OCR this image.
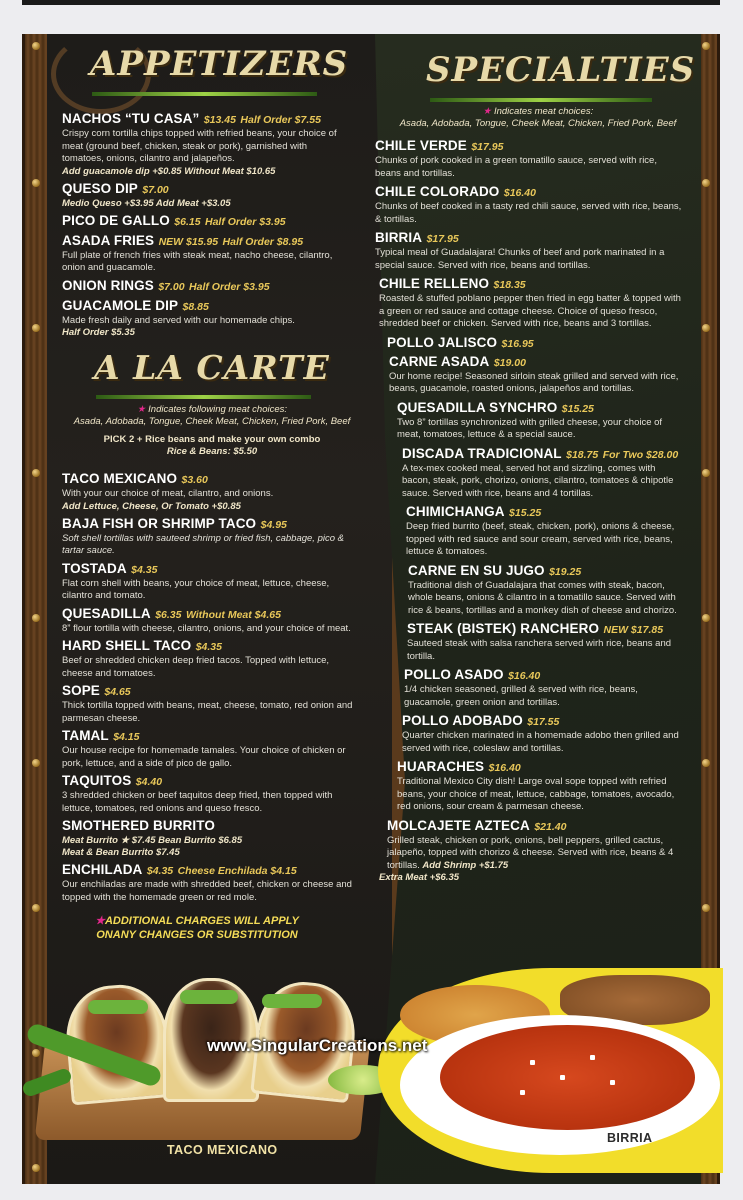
APPETIZERS SPECIALTIES
A LA CARTE
NACHOS “TU CASA” $13.45 Half Order $7.55
Crispy corn tortilla chips topped with refried beans, your choice of meat (ground beef, chicken, steak or pork), garnished with tomatoes, onions, cilantro and jalapeños.
Add guacamole dip +$0.85 Without Meat $10.65
QUESO DIP $7.00
Medio Queso +$3.95 Add Meat +$3.05
PICO DE GALLO $6.15 Half Order $3.95
ASADA FRIES NEW $15.95 Half Order $8.95
Full plate of french fries with steak meat, nacho cheese, cilantro, onion and guacamole.
ONION RINGS $7.00 Half Order $3.95
GUACAMOLE DIP $8.85
Made fresh daily and served with our homemade chips.
Half Order $5.35
★ Indicates following meat choices:
Asada, Adobada, Tongue, Cheek Meat, Chicken, Fried Pork, Beef
PICK 2 + Rice beans and make your own combo
Rice & Beans: $5.50
TACO MEXICANO $3.60
With your our choice of meat, cilantro, and onions.
Add Lettuce, Cheese, Or Tomato +$0.85
BAJA FISH OR SHRIMP TACO $4.95
Soft shell tortillas with sauteed shrimp or fried fish, cabbage, pico & tartar sauce.
TOSTADA $4.35
Flat corn shell with beans, your choice of meat, lettuce, cheese, cilantro and tomato.
QUESADILLA $6.35 Without Meat $4.65
8” flour tortilla with cheese, cilantro, onions, and your choice of meat.
HARD SHELL TACO $4.35
Beef or shredded chicken deep fried tacos. Topped with lettuce, cheese and tomatoes.
SOPE $4.65
Thick tortilla topped with beans, meat, cheese, tomato, red onion and parmesan cheese.
TAMAL $4.15
Our house recipe for homemade tamales. Your choice of chicken or pork, lettuce, and a side of pico de gallo.
TAQUITOS $4.40
3 shredded chicken or beef taquitos deep fried, then topped with lettuce, tomatoes, red onions and queso fresco.
SMOTHERED BURRITO
Meat Burrito ★ $7.45 Bean Burrito $6.85
Meat & Bean Burrito $7.45
ENCHILADA $4.35 Cheese Enchilada $4.15
Our enchiladas are made with shredded beef, chicken or cheese and topped with the homemade green or red mole.
★ADDITIONAL CHARGES WILL APPLY
ONANY CHANGES OR SUBSTITUTION
★ Indicates meat choices:
Asada, Adobada, Tongue, Cheek Meat, Chicken, Fried Pork, Beef
CHILE VERDE $17.95
Chunks of pork cooked in a green tomatillo sauce, served with rice, beans and tortillas.
CHILE COLORADO $16.40
Chunks of beef cooked in a tasty red chili sauce, served with rice, beans, & tortillas.
BIRRIA $17.95
Typical meal of Guadalajara! Chunks of beef and pork marinated in a special sauce. Served with rice, beans and tortillas.
CHILE RELLENO $18.35
Roasted & stuffed poblano pepper then fried in egg batter & topped with a green or red sauce and cottage cheese. Choice of queso fresco, shredded beef or chicken. Served with rice, beans and 3 tortillas.
POLLO JALISCO $16.95
CARNE ASADA $19.00
Our home recipe! Seasoned sirloin steak grilled and served with rice, beans, guacamole, roasted onions, jalapeños and tortillas.
QUESADILLA SYNCHRO $15.25
Two 8” tortillas synchronized with grilled cheese, your choice of meat, tomatoes, lettuce & a special sauce.
DISCADA TRADICIONAL $18.75 For Two $28.00
A tex-mex cooked meal, served hot and sizzling, comes with bacon, steak, pork, chorizo, onions, cilantro, tomatoes & chipotle sauce. Served with rice, beans and 4 tortillas.
CHIMICHANGA $15.25
Deep fried burrito (beef, steak, chicken, pork), onions & cheese, topped with red sauce and sour cream, served with rice, beans, lettuce & tomatoes.
CARNE EN SU JUGO $19.25
Traditional dish of Guadalajara that comes with steak, bacon, whole beans, onions & cilantro in a tomatillo sauce. Served with rice & beans, tortillas and a monkey dish of cheese and chorizo.
STEAK (BISTEK) RANCHERO NEW $17.85
Sauteed steak with salsa ranchera served wirh rice, beans and tortilla.
POLLO ASADO $16.40
1/4 chicken seasoned, grilled & served with rice, beans, guacamole, green onion and tortillas.
POLLO ADOBADO $17.55
Quarter chicken marinated in a homemade adobo then grilled and served with rice, coleslaw and tortillas.
HUARACHES $16.40
Traditional Mexico City dish! Large oval sope topped with refried beans, your choice of meat, lettuce, cabbage, tomatoes, avocado, red onions, sour cream & parmesan cheese.
MOLCAJETE AZTECA $21.40
Grilled steak, chicken or pork, onions, bell peppers, grilled cactus, jalapeño, topped with chorizo & cheese. Served with rice, beans & 4 tortillas. Add Shrimp +$1.75
Extra Meat +$6.35
www.SingularCreations.net
TACO MEXICANO
BIRRIA
